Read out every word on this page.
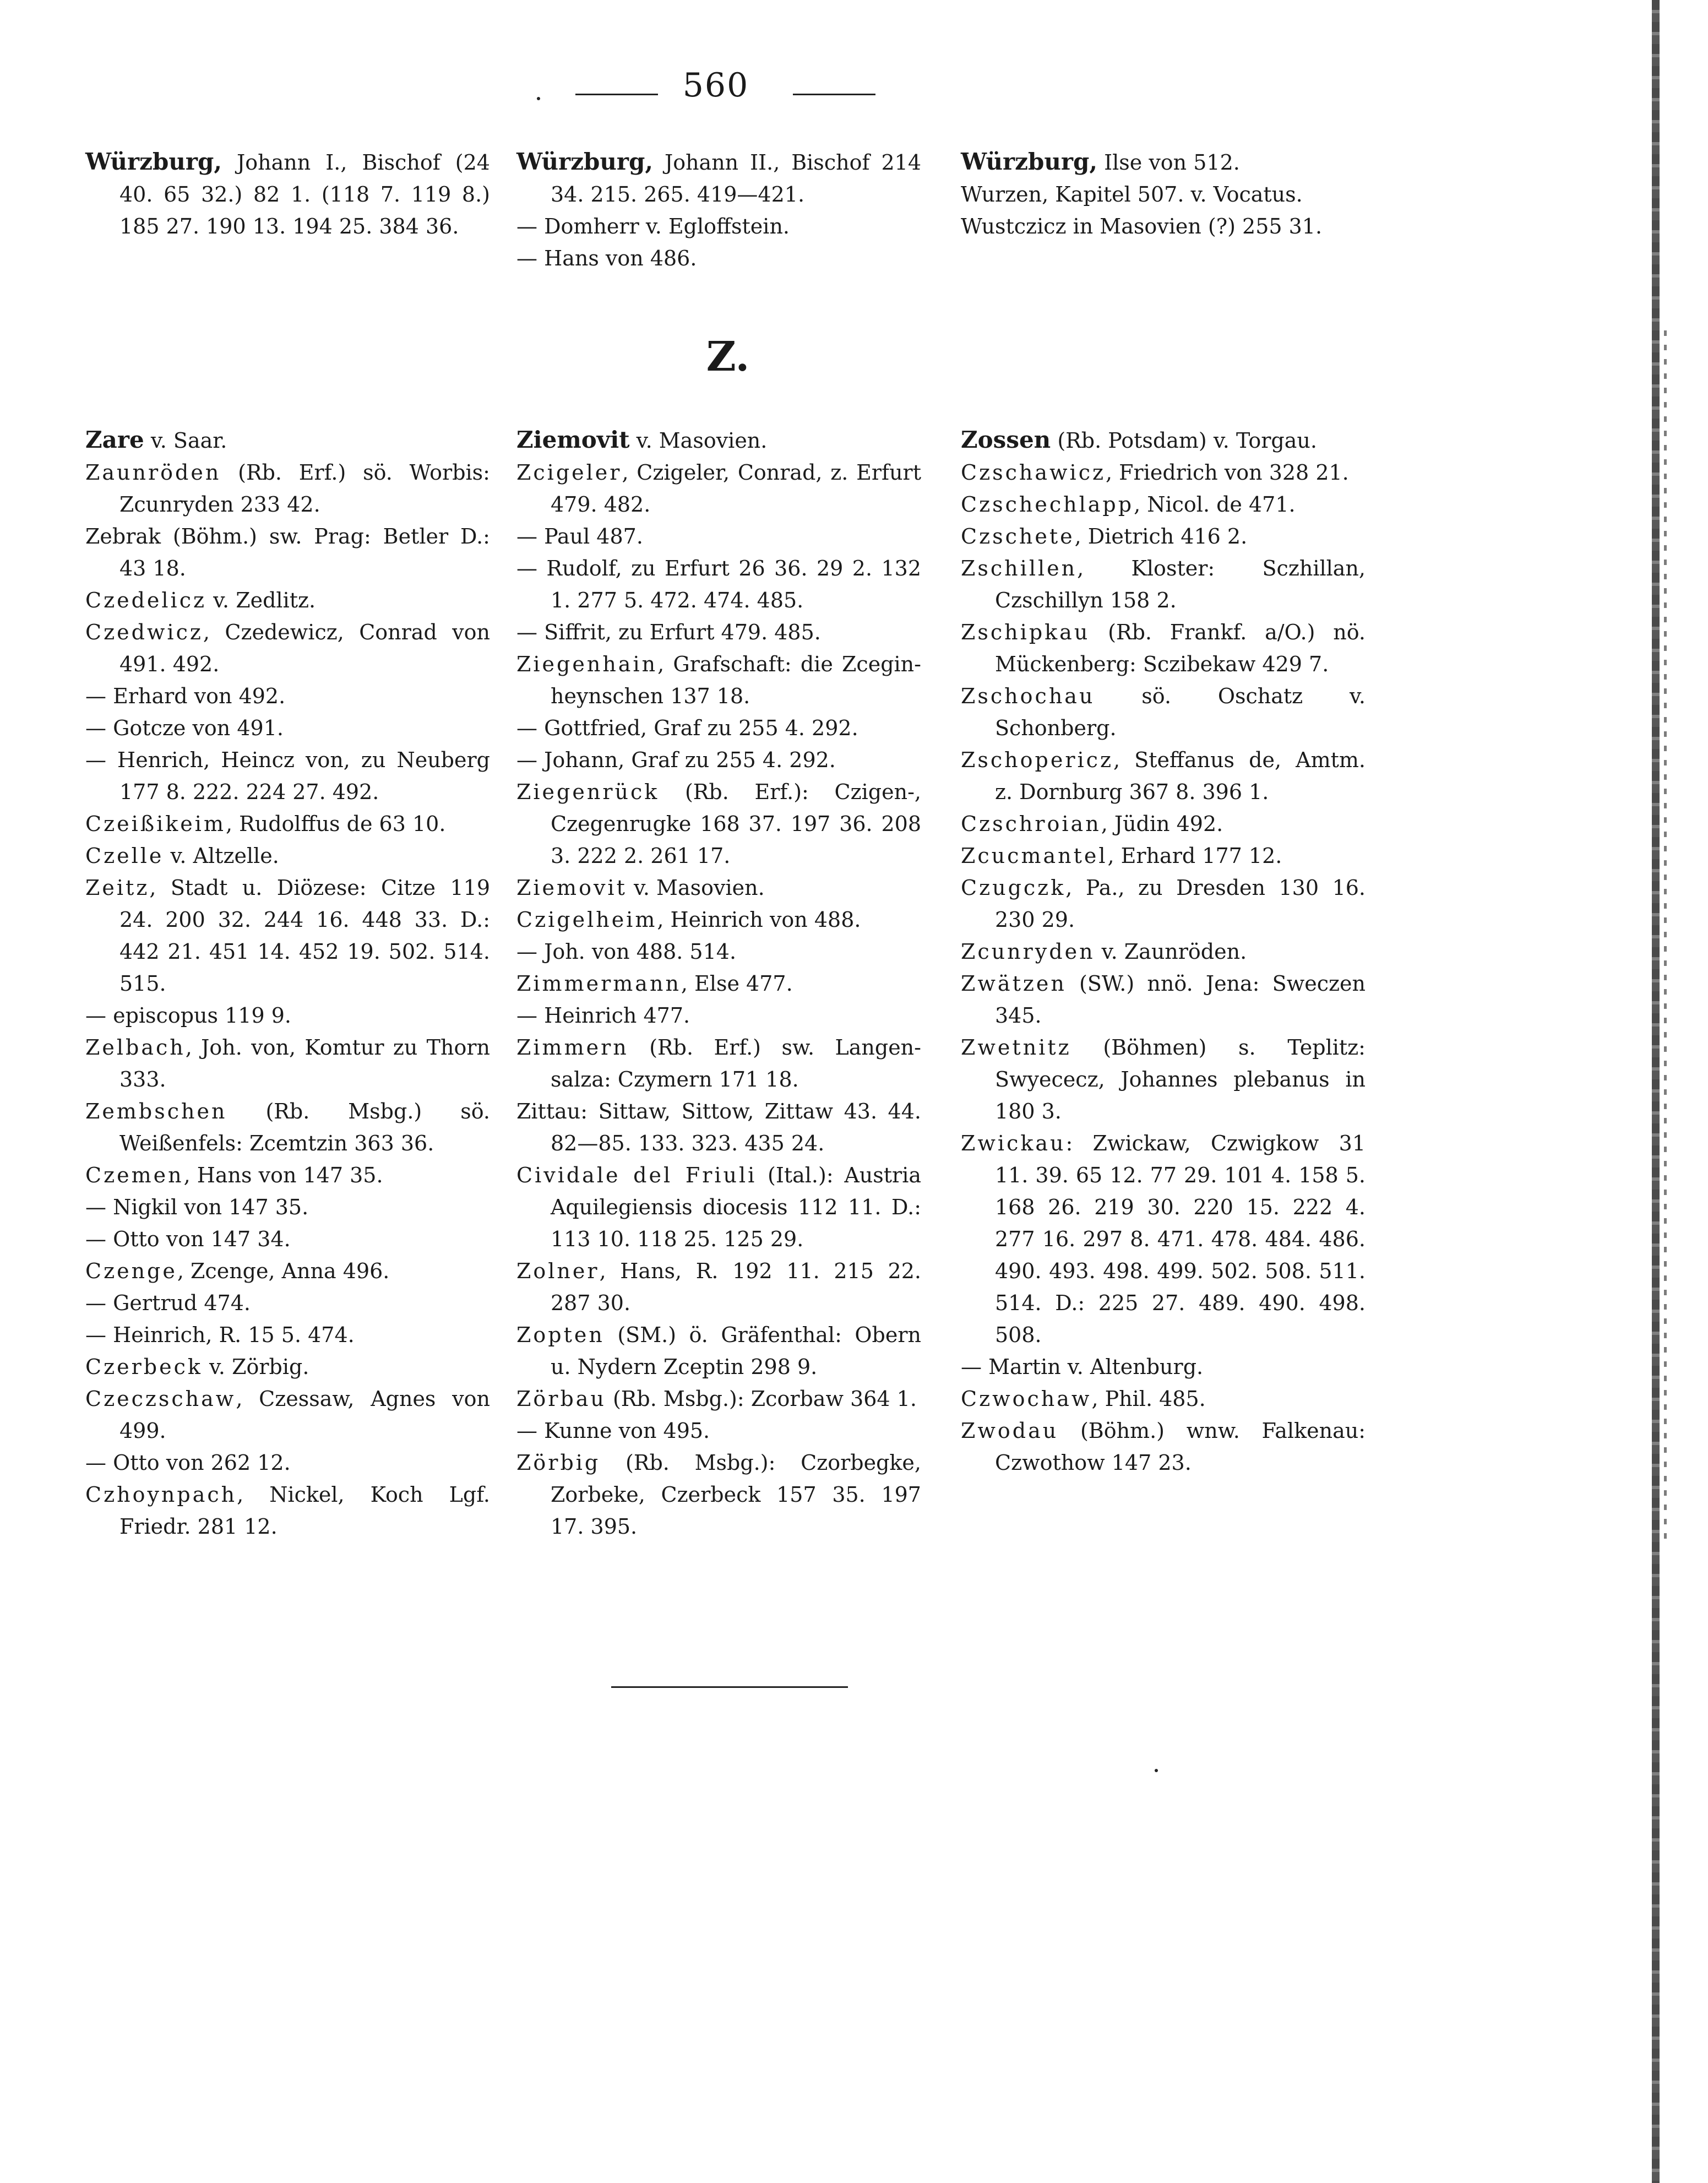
560

Würzburg, Johann I., Bischof (24 40. 65 32.) 82 1. (118 7. 119 8.) 185 27. 190 13. 194 25. 384 36.

Würzburg, Johann II., Bischof 214 34. 215. 265. 419—421.

— Domherr v. Egloffstein.

— Hans von 486.

Würzburg, Ilse von 512.

Wurzen, Kapitel 507. v. Vocatus.

Wustczicz in Masovien (?) 255 31.

Z.

Zare v. Saar.

Zaunröden (Rb. Erf.) sö. Worbis: Zcunryden 233 42.

Zebrak (Böhm.) sw. Prag: Betler D.: 43 18.

Czedelicz v. Zedlitz.

Czedwicz, Czedewicz, Conrad von 491. 492.

— Erhard von 492.

— Gotcze von 491.

— Henrich, Heincz von, zu Neuberg 177 8. 222. 224 27. 492.

Czeißikeim, Rudolffus de 63 10.

Czelle v. Altzelle.

Zeitz, Stadt u. Diözese: Citze 119 24. 200 32. 244 16. 448 33. D.: 442 21. 451 14. 452 19. 502. 514. 515.

— episcopus 119 9.

Zelbach, Joh. von, Komtur zu Thorn 333.

Zembschen (Rb. Msbg.) sö. Weißenfels: Zcemtzin 363 36.

Czemen, Hans von 147 35.

— Nigkil von 147 35.

— Otto von 147 34.

Czenge, Zcenge, Anna 496.

— Gertrud 474.

— Heinrich, R. 15 5. 474.

Czerbeck v. Zörbig.

Czeczschaw, Czessaw, Agnes von 499.

— Otto von 262 12.

Czhoynpach, Nickel, Koch Lgf. Friedr. 281 12.

Ziemovit v. Masovien.

Zcigeler, Czigeler, Conrad, z. Erfurt 479. 482.

— Paul 487.

— Rudolf, zu Erfurt 26 36. 29 2. 132 1. 277 5. 472. 474. 485.

— Siffrit, zu Erfurt 479. 485.

Ziegenhain, Grafschaft: die Zcegin-heynschen 137 18.

— Gottfried, Graf zu 255 4. 292.

— Johann, Graf zu 255 4. 292.

Ziegenrück (Rb. Erf.): Czigen-, Czegenrugke 168 37. 197 36. 208 3. 222 2. 261 17.

Ziemovit v. Masovien.

Czigelheim, Heinrich von 488.

— Joh. von 488. 514.

Zimmermann, Else 477.

— Heinrich 477.

Zimmern (Rb. Erf.) sw. Langen-salza: Czymern 171 18.

Zittau: Sittaw, Sittow, Zittaw 43. 44. 82—85. 133. 323. 435 24.

Cividale del Friuli (Ital.): Austria Aquilegiensis diocesis 112 11. D.: 113 10. 118 25. 125 29.

Zolner, Hans, R. 192 11. 215 22. 287 30.

Zopten (SM.) ö. Gräfenthal: Obern u. Nydern Zceptin 298 9.

Zörbau (Rb. Msbg.): Zcorbaw 364 1.

— Kunne von 495.

Zörbig (Rb. Msbg.): Czorbegke, Zorbeke, Czerbeck 157 35. 197 17. 395.

Zossen (Rb. Potsdam) v. Torgau.

Czschawicz, Friedrich von 328 21.

Czschechlapp, Nicol. de 471.

Czschete, Dietrich 416 2.

Zschillen, Kloster: Sczhillan, Czschillyn 158 2.

Zschipkau (Rb. Frankf. a/O.) nö. Mückenberg: Sczibekaw 429 7.

Zschochau sö. Oschatz v. Schonberg.

Zschopericz, Steffanus de, Amtm. z. Dornburg 367 8. 396 1.

Czschroian, Jüdin 492.

Zcucmantel, Erhard 177 12.

Czugczk, Pa., zu Dresden 130 16. 230 29.

Zcunryden v. Zaunröden.

Zwätzen (SW.) nnö. Jena: Sweczen 345.

Zwetnitz (Böhmen) s. Teplitz: Swyececz, Johannes plebanus in 180 3.

Zwickau: Zwickaw, Czwigkow 31 11. 39. 65 12. 77 29. 101 4. 158 5. 168 26. 219 30. 220 15. 222 4. 277 16. 297 8. 471. 478. 484. 486. 490. 493. 498. 499. 502. 508. 511. 514. D.: 225 27. 489. 490. 498. 508.

— Martin v. Altenburg.

Czwochaw, Phil. 485.

Zwodau (Böhm.) wnw. Falkenau: Czwothow 147 23.
